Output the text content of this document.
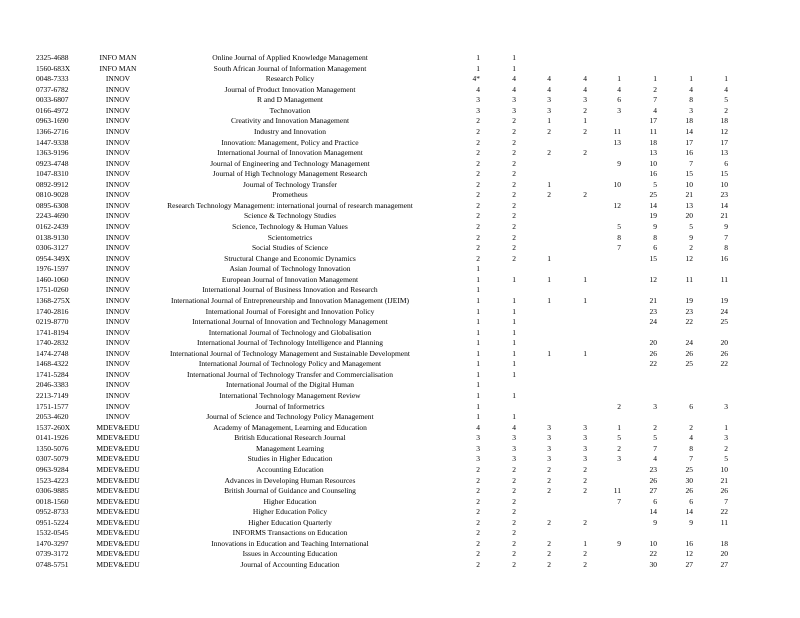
2325-4688	INFO MAN	Online Journal of Applied Knowledge Management	1	1						
1560-683X	INFO MAN	South African Journal of Information Management	1	1						
0048-7333	INNOV	Research Policy	4*	4	4	4	1	1	1	1
0737-6782	INNOV	Journal of Product Innovation Management	4	4	4	4	4	2	4	4
0033-6807	INNOV	R and D Management	3	3	3	3	6	7	8	5
0166-4972	INNOV	Technovation	3	3	3	2	3	4	3	2
0963-1690	INNOV	Creativity and Innovation Management	2	2	1	1		17	18	18
1366-2716	INNOV	Industry and Innovation	2	2	2	2	11	11	14	12
1447-9338	INNOV	Innovation: Management, Policy and Practice	2	2			13	18	17	17
1363-9196	INNOV	International Journal of Innovation Management	2	2	2	2		13	16	13
0923-4748	INNOV	Journal of Engineering and Technology Management	2	2			9	10	7	6
1047-8310	INNOV	Journal of High Technology Management Research	2	2				16	15	15
0892-9912	INNOV	Journal of Technology Transfer	2	2	1		10	5	10	10
0810-9028	INNOV	Prometheus	2	2	2	2		25	21	23
0895-6308	INNOV	Research Technology Management: international journal of research management	2	2			12	14	13	14
2243-4690	INNOV	Science & Technology Studies	2	2				19	20	21
0162-2439	INNOV	Science, Technology & Human Values	2	2			5	9	5	9
0138-9130	INNOV	Scientometrics	2	2			8	8	9	7
0306-3127	INNOV	Social Studies of Science	2	2			7	6	2	8
0954-349X	INNOV	Structural Change and Economic Dynamics	2	2	1			15	12	16
1976-1597	INNOV	Asian Journal of Technology Innovation	1							
1460-1060	INNOV	European Journal of Innovation Management	1	1	1	1		12	11	11
1751-0260	INNOV	International Journal of Business Innovation and Research	1							
1368-275X	INNOV	International Journal of Entrepreneurship and Innovation Management (IJEIM)	1	1	1	1		21	19	19
1740-2816	INNOV	International Journal of Foresight and Innovation Policy	1	1				23	23	24
0219-8770	INNOV	International Journal of Innovation and Technology Management	1	1				24	22	25
1741-8194	INNOV	International Journal of Technology and Globalisation	1	1						
1740-2832	INNOV	International Journal of Technology Intelligence and Planning	1	1				20	24	20
1474-2748	INNOV	International Journal of Technology Management and Sustainable Development	1	1	1	1		26	26	26
1468-4322	INNOV	International Journal of Technology Policy and Management	1	1				22	25	22
1741-5284	INNOV	International Journal of Technology Transfer and Commercialisation	1	1						
2046-3383	INNOV	International Journal of the Digital Human	1							
2213-7149	INNOV	International Technology Management Review	1	1						
1751-1577	INNOV	Journal of Informetrics	1				2	3	6	3
2053-4620	INNOV	Journal of Science and Technology Policy Management	1	1						
1537-260X	MDEV&EDU	Academy of Management, Learning and Education	4	4	3	3	1	2	2	1
0141-1926	MDEV&EDU	British Educational Research Journal	3	3	3	3	5	5	4	3
1350-5076	MDEV&EDU	Management Learning	3	3	3	3	2	7	8	2
0307-5079	MDEV&EDU	Studies in Higher Education	3	3	3	3	3	4	7	5
0963-9284	MDEV&EDU	Accounting Education	2	2	2	2		23	25	10
1523-4223	MDEV&EDU	Advances in Developing Human Resources	2	2	2	2		26	30	21
0306-9885	MDEV&EDU	British Journal of Guidance and Counseling	2	2	2	2	11	27	26	26
0018-1560	MDEV&EDU	Higher Education	2	2			7	6	6	7
0952-8733	MDEV&EDU	Higher Education Policy	2	2				14	14	22
0951-5224	MDEV&EDU	Higher Education Quarterly	2	2	2	2		9	9	11
1532-0545	MDEV&EDU	INFORMS Transactions on Education	2	2						
1470-3297	MDEV&EDU	Innovations in Education and Teaching International	2	2	2	1	9	10	16	18
0739-3172	MDEV&EDU	Issues in Accounting Education	2	2	2	2		22	12	20
0748-5751	MDEV&EDU	Journal of Accounting Education	2	2	2	2		30	27	27
